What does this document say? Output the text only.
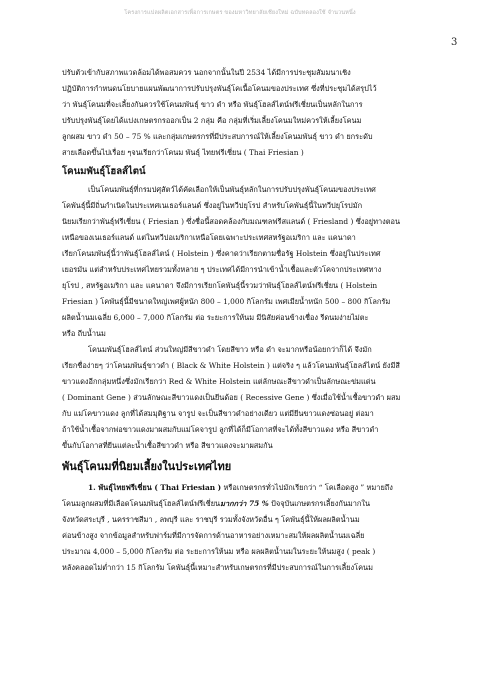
โครงการแปลผลิตเอกสารเพื่อการเกษตร ของมหาวิทยาลัยเชียงใหม่ ฉบับทดลองใช้ จำนวนหนึ่ง
3
ปรับตัวเข้ากับสภาพแวดล้อมได้พอสมควร นอกจากนั้นในปี 2534 ได้มีการประชุมสัมมนาเชิง
ปฏิบัติการกำหนดนโยบายแผนพัฒนาการปรับปรุงพันธุ์โคเนื้อโคนมของประเทศ ซึ่งที่ประชุมได้สรุปไว้
ว่า พันธุ์โคนมที่จะเลี้ยงกันควรใช้โคนมพันธุ์ ขาว ดำ หรือ พันธุ์โฮลส์ไตน์ฟรีเชี่ยนเป็นหลักในการ
ปรับปรุงพันธุ์โดยได้แบ่งเกษตรกรออกเป็น 2 กลุ่ม คือ กลุ่มที่เริ่มเลี้ยงโคนมใหม่ควรให้เลี้ยงโคนม
ลูกผสม ขาว ดำ 50 – 75 % และกลุ่มเกษตรกรที่มีประสบการณ์ให้เลี้ยงโคนมพันธุ์ ขาว ดำ ยกระดับ
สายเลือดขึ้นไปเรื่อย ๆจนเรียกว่าโคนม พันธุ์ ไทยฟรีเชี่ยน ( Thai Friesian )
โคนมพันธุ์โฮลส์ไตน์
เป็นโคนมพันธุ์ที่กรมปศุสัตว์ได้คัดเลือกให้เป็นพันธุ์หลักในการปรับปรุงพันธุ์โคนมของประเทศ
โคพันธุ์นี้มีถิ่นกำเนิดในประเทศเนเธอร์แลนด์ ซึ่งอยู่ในทวีปยุโรป สำหรับโคพันธุ์นี้ในทวีปยุโรปมัก
นิยมเรียกว่าพันธุ์ฟรีเชี่ยน ( Friesian ) ซึ่งชื่อนี้สอดคล้องกับมณฑลฟรีสแลนด์ ( Friesland ) ซึ่งอยู่ทางตอน
เหนือของเนเธอร์แลนด์ แต่ในทวีปอเมริกาเหนือโดยเฉพาะประเทศสหรัฐอเมริกา และ แคนาดา
เรียกโคนมพันธุ์นี้ว่าพันธุ์โฮลส์ไตน์ ( Holstein ) ซึ่งคาดว่าเรียกตามชื่อรัฐ Holstein ซึ่งอยู่ในประเทศ
เยอรมัน แต่สำหรับประเทศไทยรวมทั้งหลาย ๆ ประเทศได้มีการนำเข้าน้ำเชื้อและตัวโคจากประเทศทาง
ยุโรป , สหรัฐอเมริกา และ แคนาดา จึงมีการเรียกโคพันธุ์นี้รวมว่าพันธุ์โฮลส์ไตน์ฟรีเชี่ยน ( Holstein
Friesian ) โคพันธุ์นี้มีขนาดใหญ่เพศผู้หนัก 800 – 1,000 กิโลกรัม เพศเมียน้ำหนัก 500 – 800 กิโลกรัม
ผลิตน้ำนมเฉลี่ย 6,000 – 7,000 กิโลกรัม ต่อ ระยะการให้นม มีนิสัยค่อนข้างเชื่อง รีดนมง่ายไม่ตะ
หรือ ถีบน้ำนม
โคนมพันธุ์โฮลส์ไตน์ ส่วนใหญ่มีสีขาวดำ โดยสีขาว หรือ ดำ จะมากหรือน้อยกว่าก็ได้ จึงมัก
เรียกชื่อง่ายๆ ว่าโคนมพันธุ์ขาวดำ ( Black & White Holstein ) แต่จริง ๆ แล้วโคนมพันธุ์โฮลส์ไตน์ ยังมีสี
ขาวแดงอีกกลุ่มหนึ่งซึ่งมักเรียกว่า Red & White Holstein แต่ลักษณะสีขาวดำเป็นลักษณะข่มแด่น
( Dominant Gene ) ส่วนลักษณะสีขาวแดงเป็นยีนด้อย ( Recessive Gene ) ซึ่งเมื่อใช้น้ำเชื้อขาวดำ ผสม
กับ แม่โคขาวแดง ลูกที่ได้สมมุติฐาน จารูป จะเป็นสีขาวดำอย่างเดียว แต่มียีนขาวแดงซ่อนอยู่ ต่อมา
ถ้าใช้น้ำเชื้อจากพ่อขาวแดงมาผสมกับแม่โคจารูป ลูกที่ได้ก็มีโอกาสที่จะได้ทั้งสีขาวแดง หรือ สีขาวดำ
ขึ้นกับโอกาสที่ยีนแต่ละน้ำเชื้อสีขาวดำ หรือ สีขาวแดงจะมาผสมกัน
พันธุ์โคนมที่นิยมเลี้ยงในประเทศไทย
1. พันธุ์ไทยฟรีเชี่ยน ( Thai Friesian ) หรือเกษตรกรทั่วไปมักเรียกว่า “ โคเลือดสูง ” หมายถึง
โคนมลูกผสมที่มีเลือดโคนมพันธุ์โฮลส์ไตน์ฟรีเชี่ยนมากกว่า 75 % ปัจจุบันเกษตรกรเลี้ยงกันมากใน
จังหวัดสระบุรี , นครราชสีมา , ลพบุรี และ ราชบุรี รวมทั้งจังหวัดอื่น ๆ โคพันธุ์นี้ให้ผลผลิตน้ำนม
ค่อนข้างสูง จากข้อมูลสำหรับฟาร์มที่มีการจัดการด้านอาหารอย่างเหมาะสมให้ผลผลิตน้ำนมเฉลี่ย
ประมาณ 4,000 – 5,000 กิโลกรัม ต่อ ระยะการให้นม หรือ ผลผลิตน้ำนมในระยะให้นมสูง ( peak )
หลังคลอดไม่ต่ำกว่า 15 กิโลกรัม โคพันธุ์นี้เหมาะสำหรับเกษตรกรที่มีประสบการณ์ในการเลี้ยงโคนม
